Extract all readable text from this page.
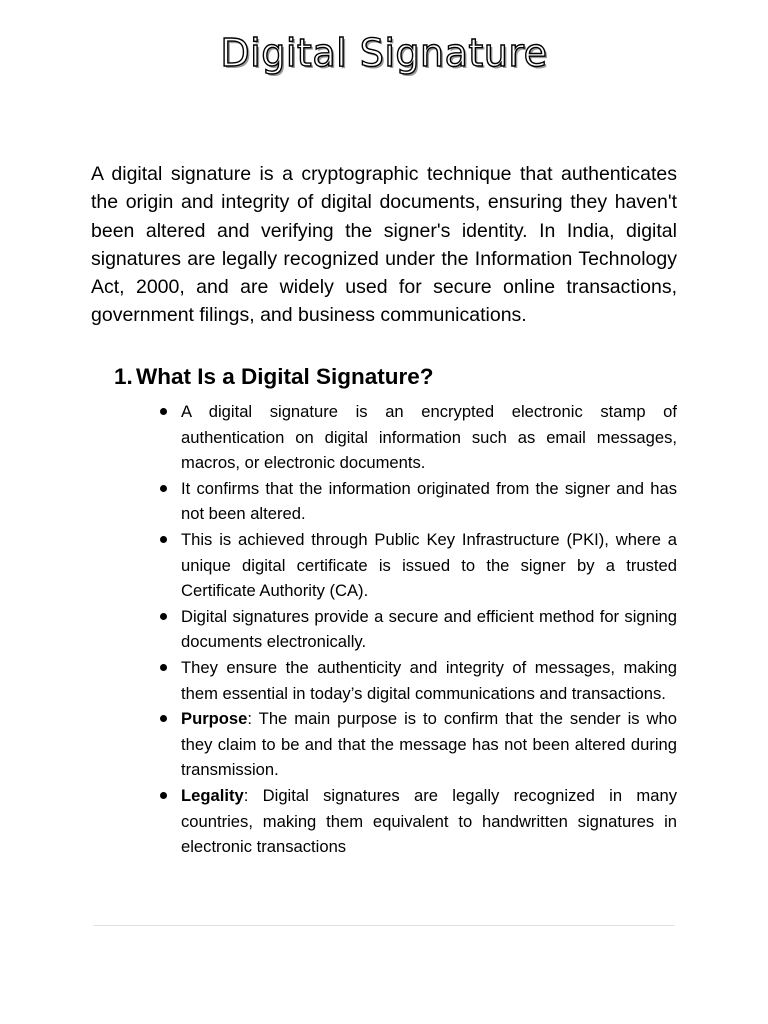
Digital Signature

A digital signature is a cryptographic technique that authenticates the origin and integrity of digital documents, ensuring they haven't been altered and verifying the signer's identity. In India, digital signatures are legally recognized under the Information Technology Act, 2000, and are widely used for secure online transactions, government filings, and business communications.

1. What Is a Digital Signature?
A digital signature is an encrypted electronic stamp of authentication on digital information such as email messages, macros, or electronic documents.
It confirms that the information originated from the signer and has not been altered.
This is achieved through Public Key Infrastructure (PKI), where a unique digital certificate is issued to the signer by a trusted Certificate Authority (CA).
Digital signatures provide a secure and efficient method for signing documents electronically.
They ensure the authenticity and integrity of messages, making them essential in today’s digital communications and transactions.
Purpose: The main purpose is to confirm that the sender is who they claim to be and that the message has not been altered during transmission.
Legality: Digital signatures are legally recognized in many countries, making them equivalent to handwritten signatures in electronic transactions
